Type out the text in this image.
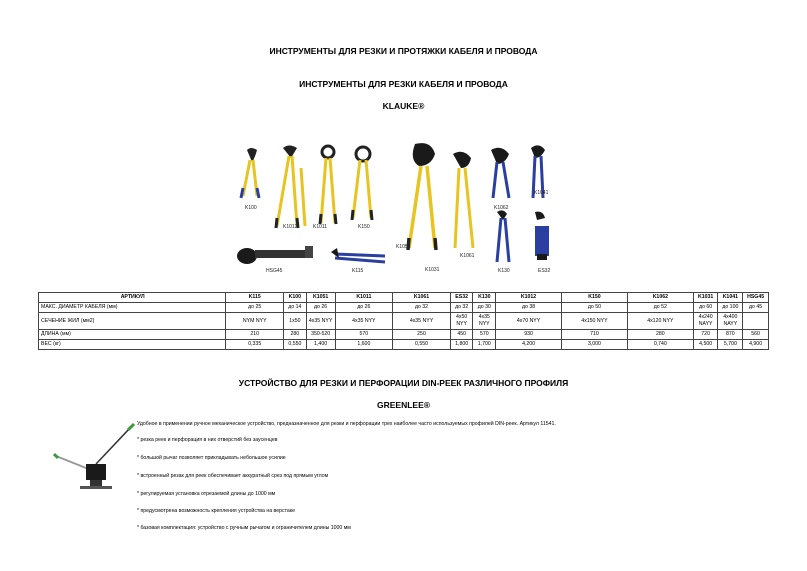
ИНСТРУМЕНТЫ ДЛЯ РЕЗКИ И ПРОТЯЖКИ КАБЕЛЯ И ПРОВОДА
ИНСТРУМЕНТЫ ДЛЯ РЕЗКИ КАБЕЛЯ И ПРОВОДА
KLAUKE®
K100
K1012	K1011	K150
K1031
K1061
K1062
K1041
K1051
K130	ES32
HSG45	K115
АРТИКУЛ	K115	K100	K1051	K1011	K1061	ES32	K130	K1012	K150	K1062	K1031	K1041	HSG45
МАКС. ДИАМЕТР КАБЕЛЯ (мм)	до 25	до 14	до 26	до 26	до 32	до 32	до 30	до 38	до 50	до 52	до 60	до 100	до 45
СЕЧЕНИЕ ЖИЛ (мм2)	NYM NYY	1х50	4х35 NYY	4х35 NYY	4х35 NYY	4х50 NYY	4х35 NYY	4х70 NYY	4х150 NYY	4х120 NYY	4х240 NAYY	4х400 NAYY	
ДЛИНА (мм)	210	280	350-520	570	250	450	570	930	710	280	720	870	560
ВЕС (кг)	0,335	0,550	1,400	1,600	0,550	1,800	1,700	4,200	3,000	0,740	4,500	5,700	4,900
УСТРОЙСТВО ДЛЯ РЕЗКИ И ПЕРФОРАЦИИ DIN-РЕЕК РАЗЛИЧНОГО ПРОФИЛЯ
GREENLEE®
Удобное в применении ручное механическое устройство, предназначенное для резки и перфорации трех наиболее часто используемых профилей DIN-реек. Артикул 11541.
* резка реек и перфорация в них отверстий без заусенцев
* большой рычаг позволяет прикладывать небольшое усилие
* встроенный резак для реек обеспечивает аккуратный срез под прямым углом
* регулируемая установка отрезаемой длины до 1000 мм
* предусмотрена возможность крепления устройства на верстаке
* базовая комплектация: устройство с ручным рычагом и ограничителем длины 1000 мм
